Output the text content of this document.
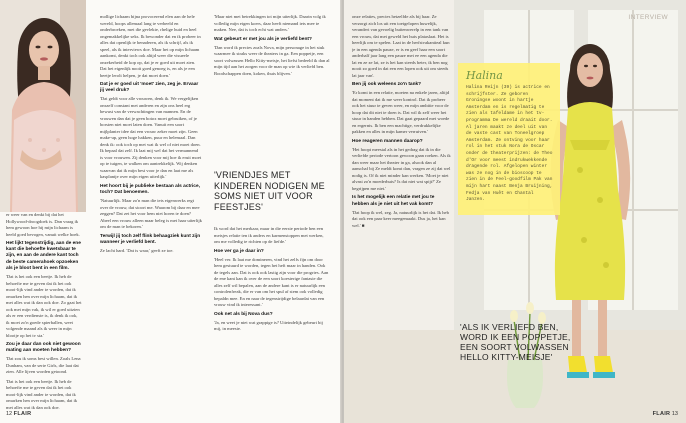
er weer van en denkt bij dat het Hollywood-droogdoek is. Dan vraag ik hem gewoon hoe hij mijn lichaam is heeld goed bevogen, vanuit welke hoek.

Het lijkt tegenstrijdig, aan de ene kant die behoefte kwetsbaar te zijn, en aan de andere kant toch de beste camerahoek opzoeken als je bloot bent in een film.

'Dat is het ook een beetje. Ik heb de behoefte me te geven dat ik het ook mooi-lijk vind ander te worden, dat ik omarken hen over mijn lichaam, dat ik met alles wat ik dan ook doe. Zo gaat het ook met mijn vak, ik wil er goed uitzien als er een verdienste is, ik denk ik ook, ik moet zo'n goede spierballen, weet volgende maand als ik weer in mijn blootje op het tv sta.'

Zou je daar dan ook niet gewoon mating aan moeten hebben?

'Dat zou ik soms best willen. Zoals Lena Dunham, van de serie Girls, die laat dat zien. Alle lijven worden getoond.

'Dat is het ook een beetje. Ik heb de behoefte me te geven dat ik het ook mooi-lijk vind ander te worden, dat ik omarken hen over mijn lichaam, dat ik met alles wat ik dan ook doe.

mollige lichaam bijna provocerend elen aan de hele wereld, hoops allemaal lang te verbeeld en onderbroeken, met die gevlekte, rhelige huid en heel ongemakkelijke seks. Ik bewonder dat en ik probeer in alles dat openlijk te benaderen, als ik schrijf, als ik speel, als ik interviews doe. Maar het op mijn lichaam aankomt, denkt toch ook altijd weer die visueele onzekerheid de kop op, dat je er goed uit moet zien. Dat het eigenlijk nooit goed genoeg is, en als je een beetje lerolt helpen, je dat moet doen.'

Dat je er goed uit 'moet' zien, zeg je. Ervaar jij veel druk?

'Dat geldt voor alle vrouwen, denk ik. We vergelijken onszelf constant met anderen en zijn ons heel erg bewust van de verwachtingen van mannen. En de vrouwen dan dat je geen botox moet gebruiken, of je borsten niet moet laten doen. Vanuit een soort mijlplanter idee dat een vrouw zeker moet zijn. Geen make-up, geen hoge hakken, puur en helemaal. Dan denk ik: ook toch op met wat ik wel of niet moet doen. Ik bepaal dat zelf. Ik laat mij wel dat het vermannend is voor vrouwen. Zij denken voor mij hoe ik eruit moet op te tuigen, te walken om aantrekkelijk. Wij denken waarvan dat ik mijn best voor je dan en laat me als kasplantje over mijn eigen uiterlijk.'

Het hoort bij je publieke bestaan als actrice, toch? Dat benoemen.

'Natuurlijk. Maar zo'n man die iets eigenwerks regt over de vrouw, dat stoort me. Waarom bij daar en mee zeggen? Dat zet het voor hem niet horen te doen? Abeel een vrouw alleen maar beleg is met haar uiterlijk om de man te bekoren.'

Terwijl jij toch zelf flink behaagziek kunt zijn wanneer je verliefd bent.

Ze lacht hard. 'Dat is waar,' geeft ze toe.

'Maar niet met betrekkingen tot mijn uiterlijk. Daarin volg ik volledig mijn eigen koers, daar heeft niemand iets mee te maken. Nee, dat is toch echt wat anders.'

Wat gebeurt er met jou als je verliefd bent?

'Dan word ik precies zoals Nova, mijn personage in het stuk waarmee ik straks weer de theaters in ga. Een poppetje, een soort volwassen Hello Kitty-meisje, het liefst bedeeld ik dan al mijn tijd aan het zorgen voor de man op wie ik verliefd ben. Boodschappen doen, koken, thuis blijven.'

'VRIENDJES MET KINDEREN NODIGEN ME SOMS NIET UIT VOOR FEESTJES'

Ik word dat het merkaar, maar in die eerste periode ben een meisjes relatie ten ik anders en karmenstoppen met werken, om me volledig te richten op de liefde.'

Hoe ver ga je daar in?

'Heel ver. Ik laat me domineren, vind het zelfs fijn om door hem gestuurd te worden, tegen het heft maar in handen. Ook de tegels aan. Dat is ook ook lastig zijn voor die progries. Aan de ene kant kan ik over de een soort koesterige fantasie die alles zelf wil bepalen, aan de andere kant is er natuurlijk een controlenfreak, die er van om het spul af stem ook volledig bepaldn mee. En en naar de tegenstrijdige belaardat van een vrouw vind ik interessant.'

Ook net als bij Nova dus?

'Ja, en weet je niet wat grappige is? Uiteindelijk gebeurt bij mij, in meeste.

12 FLAIR
INTERVIEW

onze relaties, precies hetzelfde als bij haar. Ze verzorgt zich los uit een toetgelopen huwelijk, verandert van gevoelig buitenwerelp in een tank van een vrouw, dat met geweld het huis plataslaat. Het is heerlijk om te spelen. Laat in de herfstvakantieal kun je in een agenda pauze, er is en geef haar een soort anderhalf jaar lang een pauze met ee een agenda die lat en ze ze lat, ze is het kan steeds beter, ik ben nog nooit zo goed in dat een een lopen ook uit om steeds lat jaar van'.

Ben jij ook weleens zo'n tank?

'Er komt in een relatie, moeten na enkele jaren, altijd dat moment dat ik me weer kontrol. Dat ik probeer ook het stuur te geven weer, en mijn ambitie voor de hoop dat dit niet te doen is. Dat wil ik zelf weer het stuur in handen hebben. Dat gaat gepaard met woede en ergernis. Ik ben een machtige, verdrukkelijke pakken en alles in mijn kamer verruiven.'

Hoe reageren mannen daarop?

'Het hoopt meestal als in het gedrag dat ik in die verliefde periode vertoon gewoon gaan roeken. Als ik dan weer maar het theater in ga, alsook dan al aanschaf bij Ze meldt komt dan, vragen ze zij dat wel nodig is. Of ik niet minder kan werken. 'Moet je niet alvast zo'n moederhuis? Is dat niet wat spijt?' Ze begrijpen me niet.'

Is het mogelijk een relatie met jou te hebben als je niet uit het vak komt?

'Dat hoop ik wel, zeg. Ja, natuurlijk is het dat. Ik heb dat ook een paar keer meegemaakt. Dus ja, het kan wel.' ■

Halina
Halina Reijn (39) is actrice en schrijfster. Ze geboren Groningse woont in hartje Amsterdam en is regelmatig te zien als tafeldame in het tv-programma De wereld draait door. Al jaren maakt ze deel uit van de vaste cast van Toneelgroep Amsterdam. Ze ontving voor haar rol in het stuk Nora de Oscar onder de theaterprijzen: de Theo d'Or voor meest indrukwekkende dragende rol. Afgelopen winter was ze nog in de bioscoop te zien in de Feel-goodfilm Pak van mijn hart naast Benja Bruijning, Fedja van Huêt en Chantal Janzen.
'ALS IK VERLIEFD BEN, WORD IK EEN POPPETJE, EEN SOORT VOLWASSEN HELLO KITTY-MEISJE'
FLAIR 13
